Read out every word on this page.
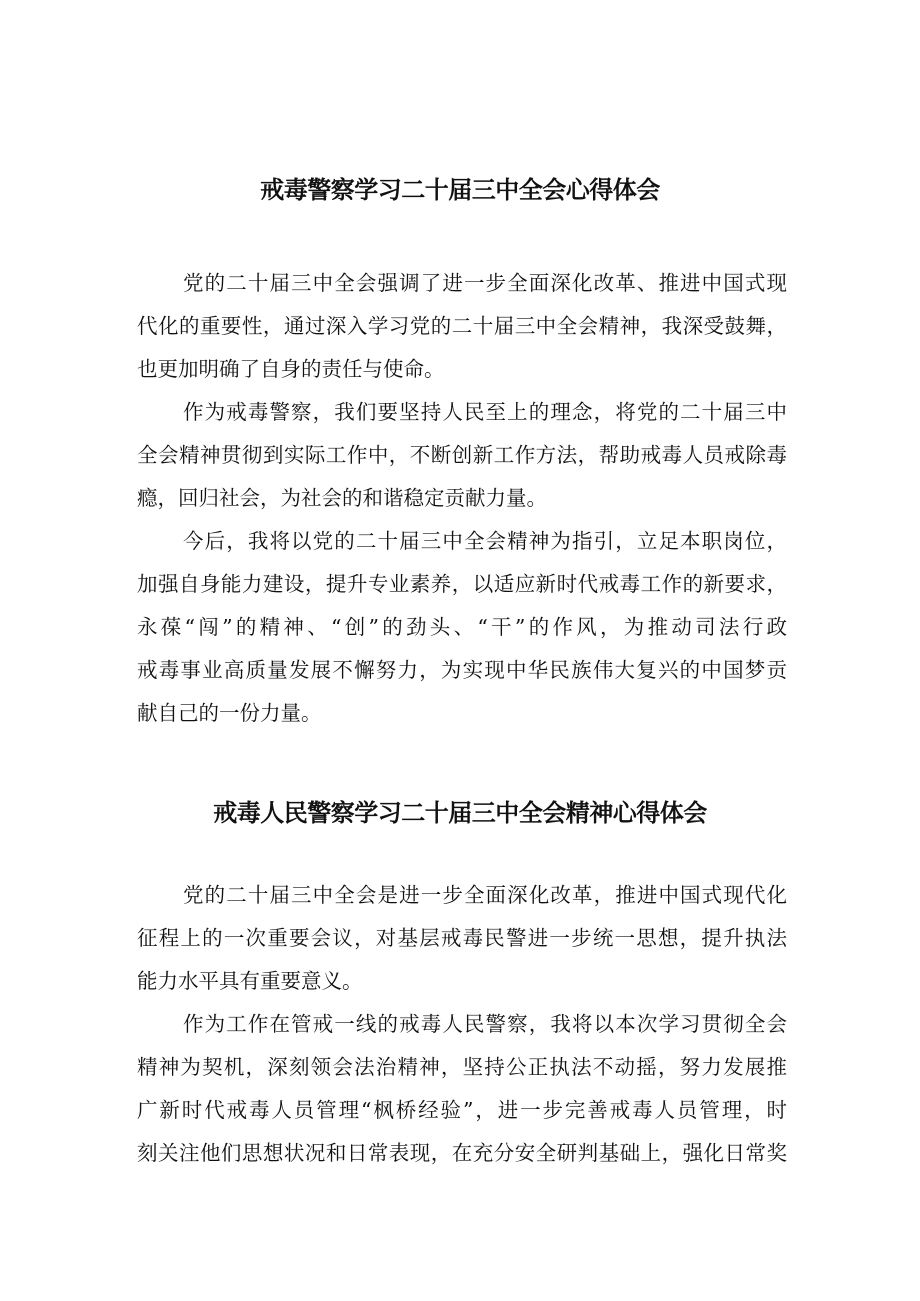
戒毒警察学习二十届三中全会心得体会
党的二十届三中全会强调了进一步全面深化改革、推进中国式现
代化的重要性，通过深入学习党的二十届三中全会精神，我深受鼓舞，
也更加明确了自身的责任与使命。
作为戒毒警察，我们要坚持人民至上的理念，将党的二十届三中
全会精神贯彻到实际工作中，不断创新工作方法，帮助戒毒人员戒除毒
瘾，回归社会，为社会的和谐稳定贡献力量。
今后，我将以党的二十届三中全会精神为指引，立足本职岗位，
加强自身能力建设，提升专业素养，以适应新时代戒毒工作的新要求，
永葆“闯”的精神、“创”的劲头、“干”的作风，为推动司法行政
戒毒事业高质量发展不懈努力，为实现中华民族伟大复兴的中国梦贡
献自己的一份力量。
戒毒人民警察学习二十届三中全会精神心得体会
党的二十届三中全会是进一步全面深化改革，推进中国式现代化
征程上的一次重要会议，对基层戒毒民警进一步统一思想，提升执法
能力水平具有重要意义。
作为工作在管戒一线的戒毒人民警察，我将以本次学习贯彻全会
精神为契机，深刻领会法治精神，坚持公正执法不动摇，努力发展推
广新时代戒毒人员管理“枫桥经验”，进一步完善戒毒人员管理，时
刻关注他们思想状况和日常表现，在充分安全研判基础上，强化日常奖
